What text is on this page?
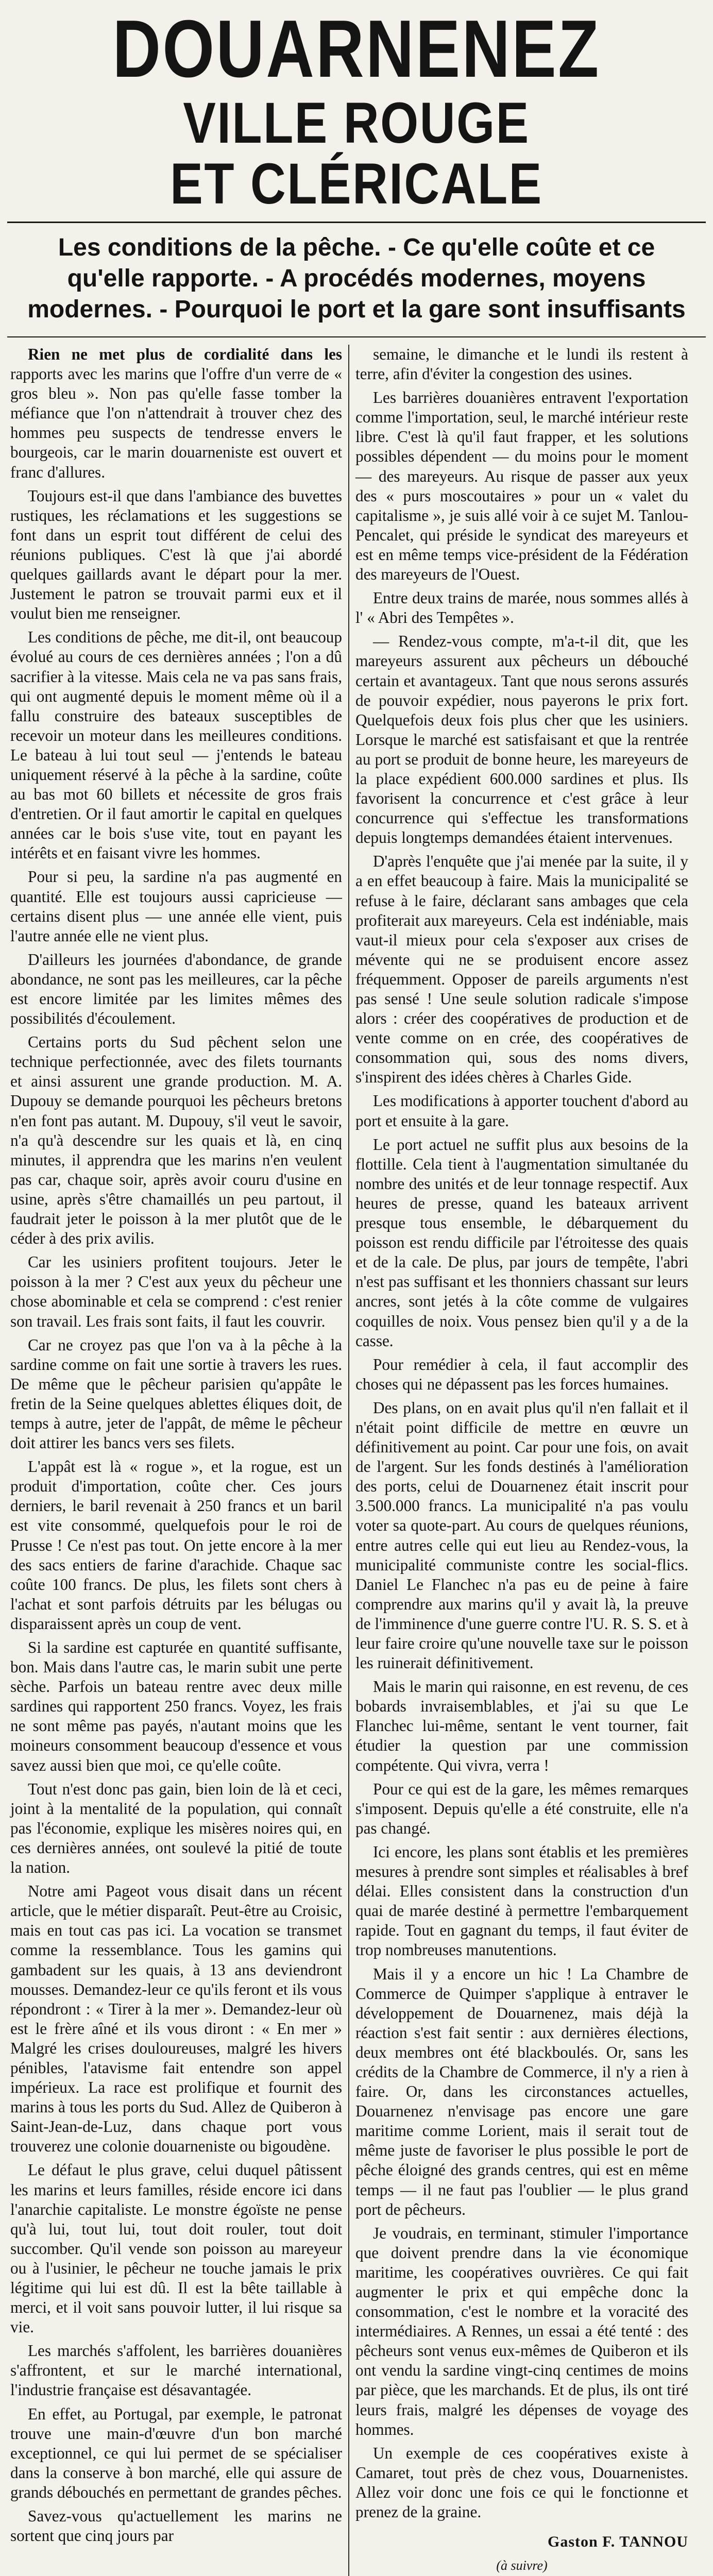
DOUARNENEZ
VILLE ROUGE
ET CLÉRICALE
Les conditions de la pêche. - Ce qu'elle coûte et ce qu'elle rapporte. - A procédés modernes, moyens modernes. - Pourquoi le port et la gare sont insuffisants

Rien ne met plus de cordialité dans les rapports avec les marins que l'offre d'un verre de « gros bleu ». Non pas qu'elle fasse tomber la méfiance que l'on n'attendrait à trouver chez des hommes peu suspects de tendresse envers le bourgeois, car le marin douarneniste est ouvert et franc d'allures.

Toujours est-il que dans l'ambiance des buvettes rustiques, les réclamations et les suggestions se font dans un esprit tout différent de celui des réunions publiques. C'est là que j'ai abordé quelques gaillards avant le départ pour la mer. Justement le patron se trouvait parmi eux et il voulut bien me renseigner.

Les conditions de pêche, me dit-il, ont beaucoup évolué au cours de ces dernières années ; l'on a dû sacrifier à la vitesse. Mais cela ne va pas sans frais, qui ont augmenté depuis le moment même où il a fallu construire des bateaux susceptibles de recevoir un moteur dans les meilleures conditions. Le bateau à lui tout seul — j'entends le bateau uniquement réservé à la pêche à la sardine, coûte au bas mot 60 billets et nécessite de gros frais d'entretien. Or il faut amortir le capital en quelques années car le bois s'use vite, tout en payant les intérêts et en faisant vivre les hommes.

Pour si peu, la sardine n'a pas augmenté en quantité. Elle est toujours aussi capricieuse — certains disent plus — une année elle vient, puis l'autre année elle ne vient plus.

D'ailleurs les journées d'abondance, de grande abondance, ne sont pas les meilleures, car la pêche est encore limitée par les limites mêmes des possibilités d'écoulement.

Certains ports du Sud pêchent selon une technique perfectionnée, avec des filets tournants et ainsi assurent une grande production. M. A. Dupouy se demande pourquoi les pêcheurs bretons n'en font pas autant. M. Dupouy, s'il veut le savoir, n'a qu'à descendre sur les quais et là, en cinq minutes, il apprendra que les marins n'en veulent pas car, chaque soir, après avoir couru d'usine en usine, après s'être chamaillés un peu partout, il faudrait jeter le poisson à la mer plutôt que de le céder à des prix avilis.

Car les usiniers profitent toujours. Jeter le poisson à la mer ? C'est aux yeux du pêcheur une chose abominable et cela se comprend : c'est renier son travail. Les frais sont faits, il faut les couvrir.

Car ne croyez pas que l'on va à la pêche à la sardine comme on fait une sortie à travers les rues. De même que le pêcheur parisien qu'appâte le fretin de la Seine quelques ablettes éliques doit, de temps à autre, jeter de l'appât, de même le pêcheur doit attirer les bancs vers ses filets.

L'appât est là « rogue », et la rogue, est un produit d'importation, coûte cher. Ces jours derniers, le baril revenait à 250 francs et un baril est vite consommé, quelquefois pour le roi de Prusse ! Ce n'est pas tout. On jette encore à la mer des sacs entiers de farine d'arachide. Chaque sac coûte 100 francs. De plus, les filets sont chers à l'achat et sont parfois détruits par les bélugas ou disparaissent après un coup de vent.

Si la sardine est capturée en quantité suffisante, bon. Mais dans l'autre cas, le marin subit une perte sèche. Parfois un bateau rentre avec deux mille sardines qui rapportent 250 francs. Voyez, les frais ne sont même pas payés, n'autant moins que les moineurs consomment beaucoup d'essence et vous savez aussi bien que moi, ce qu'elle coûte.

Tout n'est donc pas gain, bien loin de là et ceci, joint à la mentalité de la population, qui connaît pas l'économie, explique les misères noires qui, en ces dernières années, ont soulevé la pitié de toute la nation.

Notre ami Pageot vous disait dans un récent article, que le métier disparaît. Peut-être au Croisic, mais en tout cas pas ici. La vocation se transmet comme la ressemblance. Tous les gamins qui gambadent sur les quais, à 13 ans deviendront mousses. Demandez-leur ce qu'ils feront et ils vous répondront : « Tirer à la mer ». Demandez-leur où est le frère aîné et ils vous diront : « En mer » Malgré les crises douloureuses, malgré les hivers pénibles, l'atavisme fait entendre son appel impérieux. La race est prolifique et fournit des marins à tous les ports du Sud. Allez de Quiberon à Saint-Jean-de-Luz, dans chaque port vous trouverez une colonie douarneniste ou bigoudène.

Le défaut le plus grave, celui duquel pâtissent les marins et leurs familles, réside encore ici dans l'anarchie capitaliste. Le monstre égoïste ne pense qu'à lui, tout lui, tout doit rouler, tout doit succomber. Qu'il vende son poisson au mareyeur ou à l'usinier, le pêcheur ne touche jamais le prix légitime qui lui est dû. Il est la bête taillable à merci, et il voit sans pouvoir lutter, il lui risque sa vie.

Les marchés s'affolent, les barrières douanières s'affrontent, et sur le marché international, l'industrie française est désavantagée.

En effet, au Portugal, par exemple, le patronat trouve une main-d'œuvre d'un bon marché exceptionnel, ce qui lui permet de se spécialiser dans la conserve à bon marché, elle qui assure de grands débouchés en permettant de grandes pêches.

Savez-vous qu'actuellement les marins ne sortent que cinq jours par

semaine, le dimanche et le lundi ils restent à terre, afin d'éviter la congestion des usines.

Les barrières douanières entravent l'exportation comme l'importation, seul, le marché intérieur reste libre. C'est là qu'il faut frapper, et les solutions possibles dépendent — du moins pour le moment — des mareyeurs. Au risque de passer aux yeux des « purs moscoutaires » pour un « valet du capitalisme », je suis allé voir à ce sujet M. Tanlou-Pencalet, qui préside le syndicat des mareyeurs et est en même temps vice-président de la Fédération des mareyeurs de l'Ouest.

Entre deux trains de marée, nous sommes allés à l' « Abri des Tempêtes ».

— Rendez-vous compte, m'a-t-il dit, que les mareyeurs assurent aux pêcheurs un débouché certain et avantageux. Tant que nous serons assurés de pouvoir expédier, nous payerons le prix fort. Quelquefois deux fois plus cher que les usiniers. Lorsque le marché est satisfaisant et que la rentrée au port se produit de bonne heure, les mareyeurs de la place expédient 600.000 sardines et plus. Ils favorisent la concurrence et c'est grâce à leur concurrence qui s'effectue les transformations depuis longtemps demandées étaient intervenues.

D'après l'enquête que j'ai menée par la suite, il y a en effet beaucoup à faire. Mais la municipalité se refuse à le faire, déclarant sans ambages que cela profiterait aux mareyeurs. Cela est indéniable, mais vaut-il mieux pour cela s'exposer aux crises de mévente qui ne se produisent encore assez fréquemment. Opposer de pareils arguments n'est pas sensé ! Une seule solution radicale s'impose alors : créer des coopératives de production et de vente comme on en crée, des coopératives de consommation qui, sous des noms divers, s'inspirent des idées chères à Charles Gide.

Les modifications à apporter touchent d'abord au port et ensuite à la gare.

Le port actuel ne suffit plus aux besoins de la flottille. Cela tient à l'augmentation simultanée du nombre des unités et de leur tonnage respectif. Aux heures de presse, quand les bateaux arrivent presque tous ensemble, le débarquement du poisson est rendu difficile par l'étroitesse des quais et de la cale. De plus, par jours de tempête, l'abri n'est pas suffisant et les thonniers chassant sur leurs ancres, sont jetés à la côte comme de vulgaires coquilles de noix. Vous pensez bien qu'il y a de la casse.

Pour remédier à cela, il faut accomplir des choses qui ne dépassent pas les forces humaines.

Des plans, on en avait plus qu'il n'en fallait et il n'était point difficile de mettre en œuvre un définitivement au point. Car pour une fois, on avait de l'argent. Sur les fonds destinés à l'amélioration des ports, celui de Douarnenez était inscrit pour 3.500.000 francs. La municipalité n'a pas voulu voter sa quote-part. Au cours de quelques réunions, entre autres celle qui eut lieu au Rendez-vous, la municipalité communiste contre les social-flics. Daniel Le Flanchec n'a pas eu de peine à faire comprendre aux marins qu'il y avait là, la preuve de l'imminence d'une guerre contre l'U. R. S. S. et à leur faire croire qu'une nouvelle taxe sur le poisson les ruinerait définitivement.

Mais le marin qui raisonne, en est revenu, de ces bobards invraisemblables, et j'ai su que Le Flanchec lui-même, sentant le vent tourner, fait étudier la question par une commission compétente. Qui vivra, verra !

Pour ce qui est de la gare, les mêmes remarques s'imposent. Depuis qu'elle a été construite, elle n'a pas changé.

Ici encore, les plans sont établis et les premières mesures à prendre sont simples et réalisables à bref délai. Elles consistent dans la construction d'un quai de marée destiné à permettre l'embarquement rapide. Tout en gagnant du temps, il faut éviter de trop nombreuses manutentions.

Mais il y a encore un hic ! La Chambre de Commerce de Quimper s'applique à entraver le développement de Douarnenez, mais déjà la réaction s'est fait sentir : aux dernières élections, deux membres ont été blackboulés. Or, sans les crédits de la Chambre de Commerce, il n'y a rien à faire. Or, dans les circonstances actuelles, Douarnenez n'envisage pas encore une gare maritime comme Lorient, mais il serait tout de même juste de favoriser le plus possible le port de pêche éloigné des grands centres, qui est en même temps — il ne faut pas l'oublier — le plus grand port de pêcheurs.

Je voudrais, en terminant, stimuler l'importance que doivent prendre dans la vie économique maritime, les coopératives ouvrières. Ce qui fait augmenter le prix et qui empêche donc la consommation, c'est le nombre et la voracité des intermédiaires. A Rennes, un essai a été tenté : des pêcheurs sont venus eux-mêmes de Quiberon et ils ont vendu la sardine vingt-cinq centimes de moins par pièce, que les marchands. Et de plus, ils ont tiré leurs frais, malgré les dépenses de voyage des hommes.

Un exemple de ces coopératives existe à Camaret, tout près de chez vous, Douarnenistes. Allez voir donc une fois ce qui le fonctionne et prenez de la graine.

Gaston F. TANNOU
(à suivre)
